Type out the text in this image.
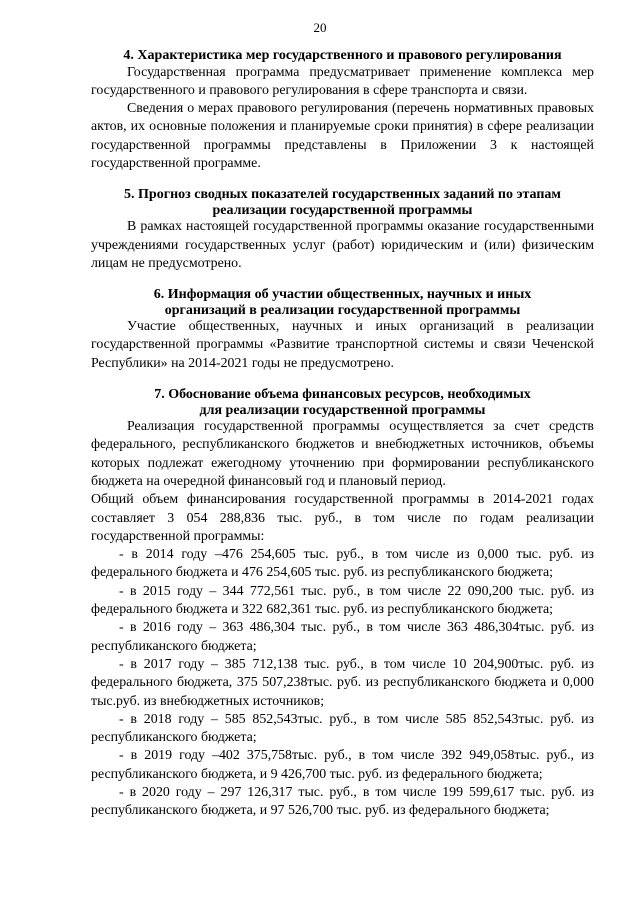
20
4. Характеристика мер государственного и правового регулирования
Государственная программа предусматривает применение комплекса мер государственного и правового регулирования в сфере транспорта и связи.
Сведения о мерах правового регулирования (перечень нормативных правовых актов, их основные положения и планируемые сроки принятия) в сфере реализации государственной программы представлены в Приложении 3 к настоящей государственной программе.
5. Прогноз сводных показателей государственных заданий по этапам
реализации государственной программы
В рамках настоящей государственной программы оказание государственными учреждениями государственных услуг (работ) юридическим и (или) физическим лицам не предусмотрено.
6. Информация об участии общественных, научных и иных
организаций в реализации государственной программы
Участие общественных, научных и иных организаций в реализации государственной программы «Развитие транспортной системы и связи Чеченской Республики» на 2014-2021 годы не предусмотрено.
7. Обоснование объема финансовых ресурсов, необходимых
для реализации государственной программы
Реализация государственной программы осуществляется за счет средств федерального, республиканского бюджетов и внебюджетных источников, объемы которых подлежат ежегодному уточнению при формировании республиканского бюджета на очередной финансовый год и плановый период.
Общий объем финансирования государственной программы в 2014-2021 годах составляет 3 054 288,836 тыс. руб., в том числе по годам реализации государственной программы:
- в 2014 году –476 254,605 тыс. руб., в том числе из 0,000 тыс. руб. из федерального бюджета и 476 254,605 тыс. руб. из республиканского бюджета;
- в 2015 году – 344 772,561 тыс. руб., в том числе 22 090,200 тыс. руб. из федерального бюджета и 322 682,361 тыс. руб. из республиканского бюджета;
- в 2016 году – 363 486,304 тыс. руб., в том числе 363 486,304тыс. руб. из республиканского бюджета;
- в 2017 году – 385 712,138 тыс. руб., в том числе 10 204,900тыс. руб. из федерального бюджета, 375 507,238тыс. руб. из республиканского бюджета и 0,000 тыс.руб. из внебюджетных источников;
- в 2018 году – 585 852,543тыс. руб., в том числе 585 852,543тыс. руб. из республиканского бюджета;
- в 2019 году –402 375,758тыс. руб., в том числе 392 949,058тыс. руб., из республиканского бюджета, и 9 426,700 тыс. руб. из федерального бюджета;
- в 2020 году – 297 126,317 тыс. руб., в том числе 199 599,617 тыс. руб. из республиканского бюджета, и 97 526,700 тыс. руб. из федерального бюджета;
